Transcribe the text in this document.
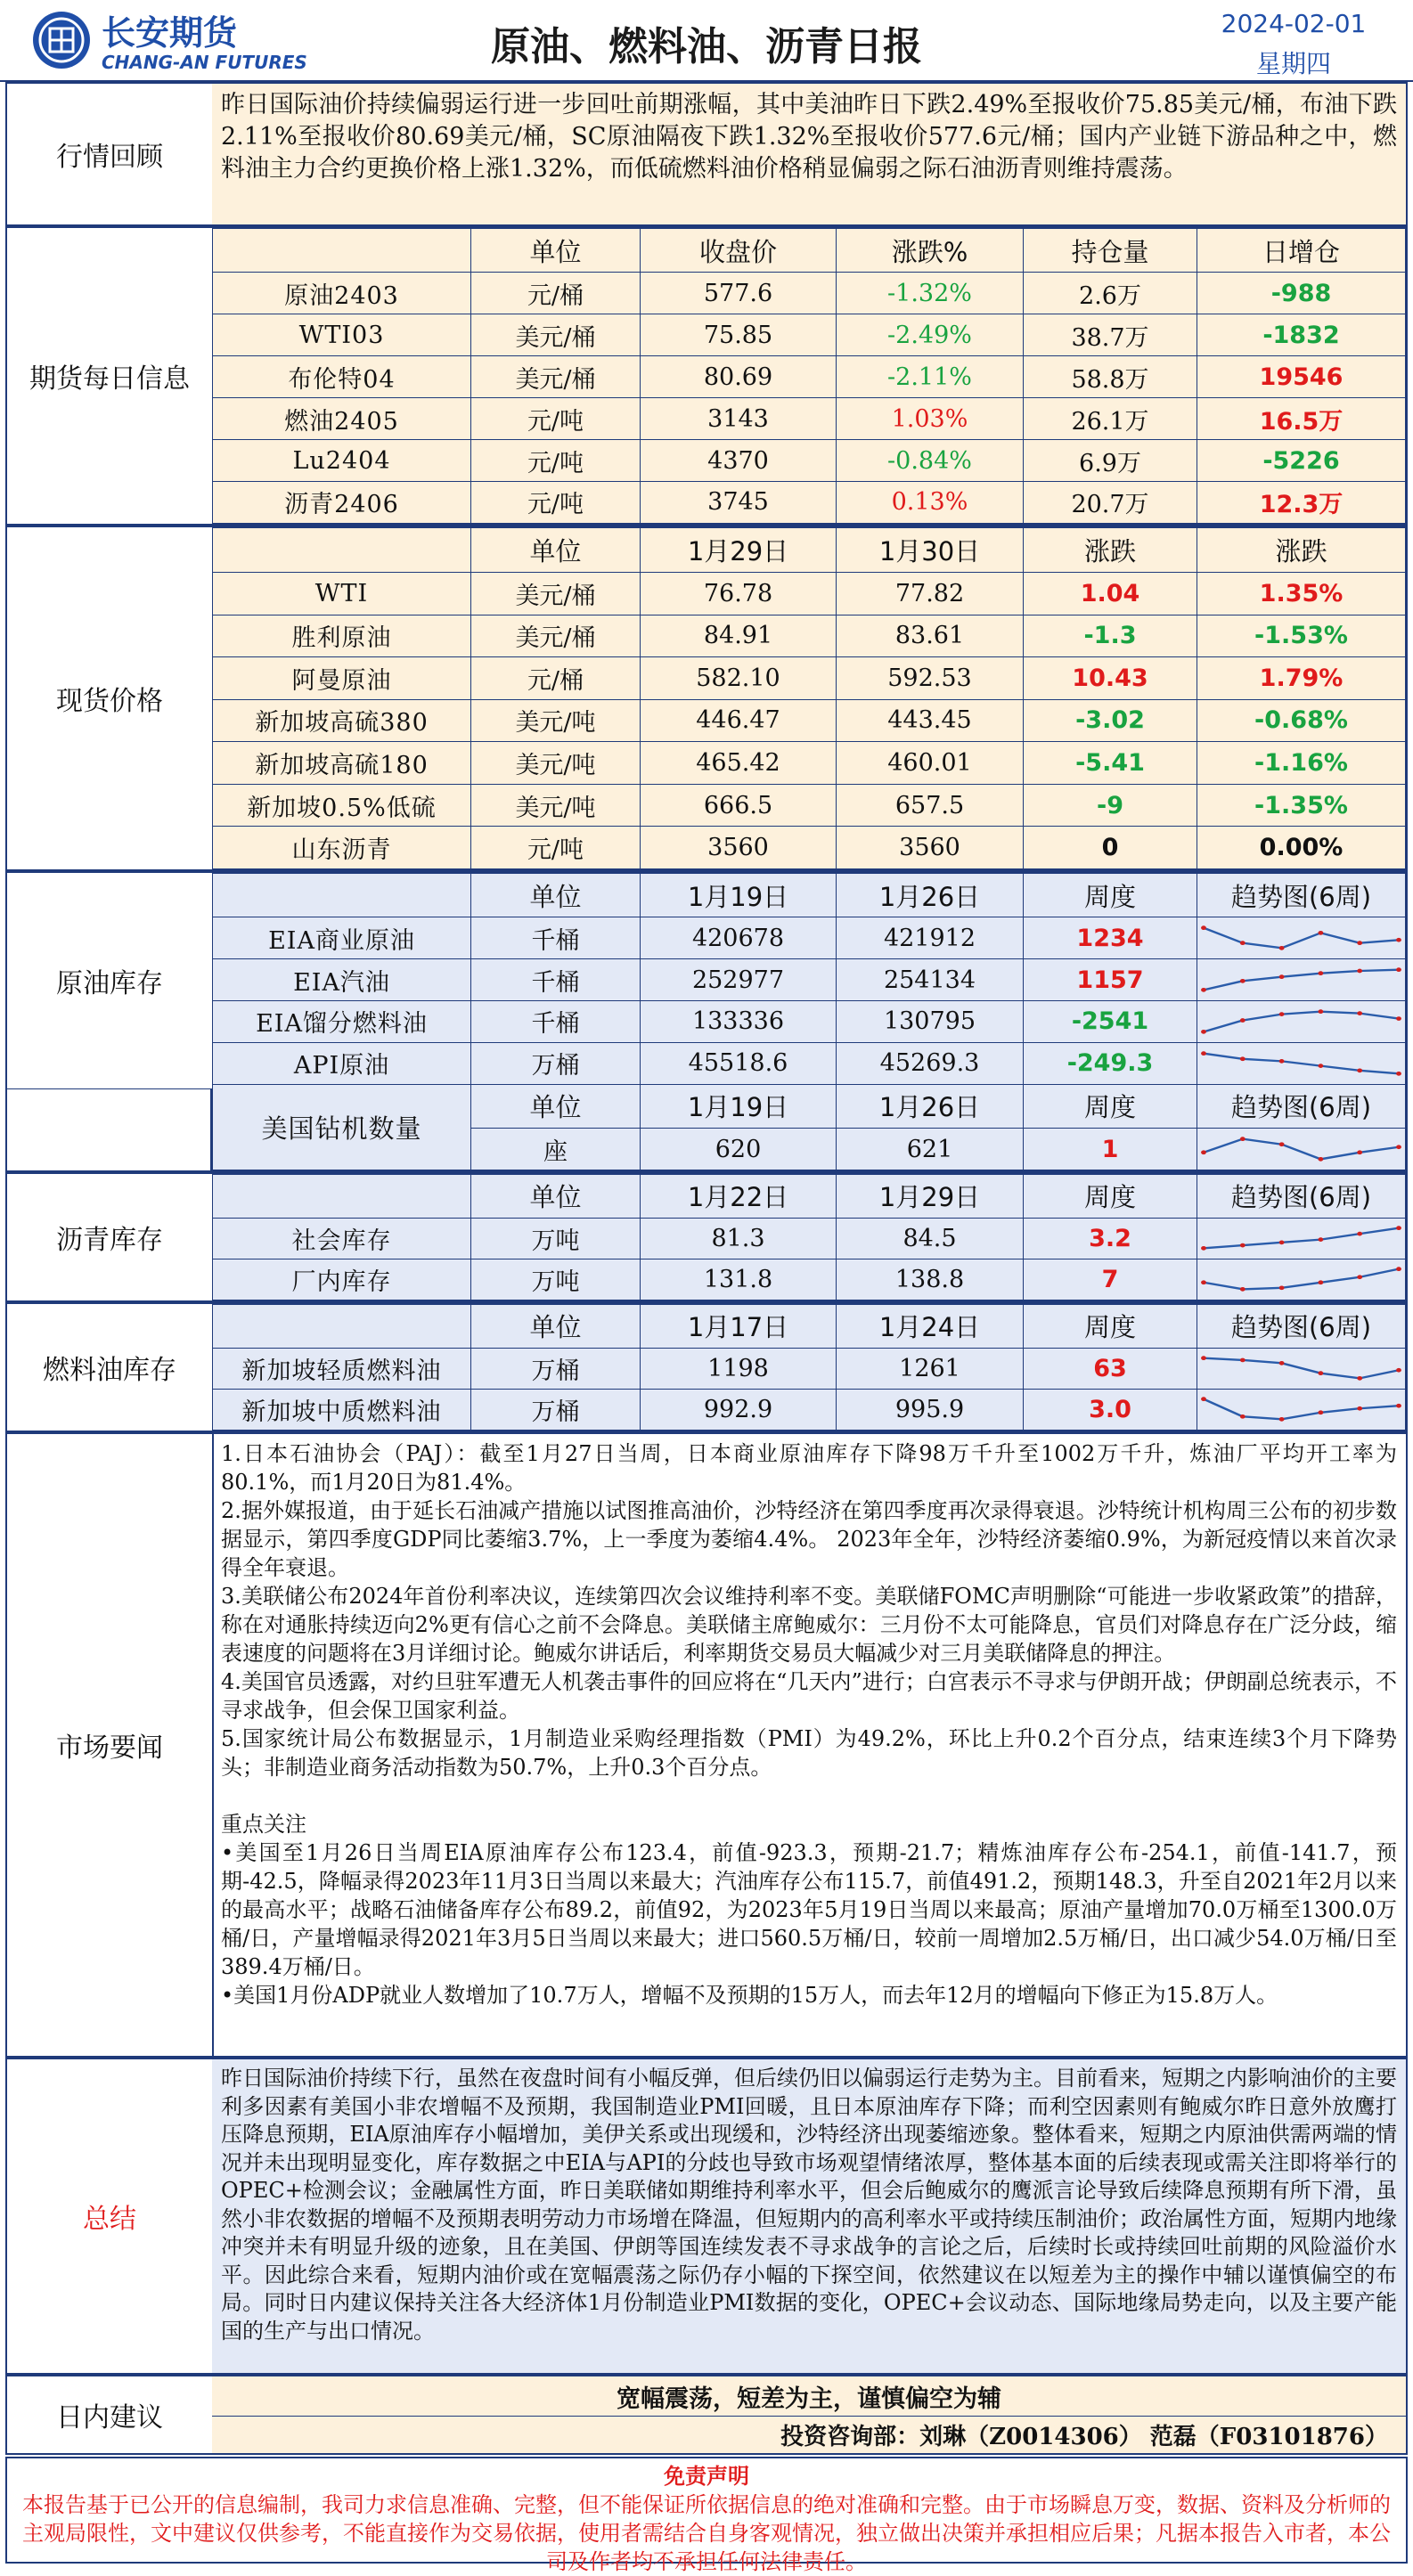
长安期货
CHANG-AN FUTURES	原油、燃料油、沥青日报
2024-02-01
星期四
行情回顾
昨日国际油价持续偏弱运行进一步回吐前期涨幅，其中美油昨日下跌2.49%至报收价75.85美元/桶，布油下跌2.11%至报收价80.69美元/桶，SC原油隔夜下跌1.32%至报收价577.6元/桶；国内产业链下游品种之中，燃料油主力合约更换价格上涨1.32%，而低硫燃料油价格稍显偏弱之际石油沥青则维持震荡。
期货每日信息
	单位	收盘价	涨跌%	持仓量	日增仓
原油2403	元/桶	577.6	-1.32%	2.6万	-988
WTI03	美元/桶	75.85	-2.49%	38.7万	-1832
布伦特04	美元/桶	80.69	-2.11%	58.8万	19546
燃油2405	元/吨	3143	1.03%	26.1万	16.5万
Lu2404	元/吨	4370	-0.84%	6.9万	-5226
沥青2406	元/吨	3745	0.13%	20.7万	12.3万
现货价格
	单位	1月29日	1月30日	涨跌	涨跌
WTI	美元/桶	76.78	77.82	1.04	1.35%
胜利原油	美元/桶	84.91	83.61	-1.3	-1.53%
阿曼原油	元/桶	582.10	592.53	10.43	1.79%
新加坡高硫380	美元/吨	446.47	443.45	-3.02	-0.68%
新加坡高硫180	美元/吨	465.42	460.01	-5.41	-1.16%
新加坡0.5%低硫	美元/吨	666.5	657.5	-9	-1.35%
山东沥青	元/吨	3560	3560	0	0.00%
原油库存
	单位	1月19日	1月26日	周度	趋势图(6周)
EIA商业原油	千桶	420678	421912	1234	

EIA汽油	千桶	252977	254134	1157	

EIA馏分燃料油	千桶	133336	130795	-2541	

API原油	万桶	45518.6	45269.3	-249.3	

美国钻机数量	单位	1月19日	1月26日	周度	趋势图(6周)
	座	620	621	1	
沥青库存
	单位	1月22日	1月29日	周度	趋势图(6周)
社会库存	万吨	81.3	84.5	3.2	

厂内库存	万吨	131.8	138.8	7	
燃料油库存
	单位	1月17日	1月24日	周度	趋势图(6周)
新加坡轻质燃料油	万桶	1198	1261	63	

新加坡中质燃料油	万桶	992.9	995.9	3.0	
市场要闻

1.日本石油协会（PAJ）：截至1月27日当周，日本商业原油库存下降98万千升至1002万千升，炼油厂平均开工率为80.1%，而1月20日为81.4%。

2.据外媒报道，由于延长石油减产措施以试图推高油价，沙特经济在第四季度再次录得衰退。沙特统计机构周三公布的初步数据显示，第四季度GDP同比萎缩3.7%，上一季度为萎缩4.4%。 2023年全年，沙特经济萎缩0.9%，为新冠疫情以来首次录得全年衰退。

3.美联储公布2024年首份利率决议，连续第四次会议维持利率不变。美联储FOMC声明删除“可能进一步收紧政策”的措辞，称在对通胀持续迈向2%更有信心之前不会降息。美联储主席鲍威尔：三月份不太可能降息，官员们对降息存在广泛分歧，缩表速度的问题将在3月详细讨论。鲍威尔讲话后，利率期货交易员大幅减少对三月美联储降息的押注。

4.美国官员透露，对约旦驻军遭无人机袭击事件的回应将在“几天内”进行；白宫表示不寻求与伊朗开战；伊朗副总统表示，不寻求战争，但会保卫国家利益。

5.国家统计局公布数据显示，1月制造业采购经理指数（PMI）为49.2%，环比上升0.2个百分点，结束连续3个月下降势头；非制造业商务活动指数为50.7%，上升0.3个百分点。

重点关注

•美国至1月26日当周EIA原油库存公布123.4，前值-923.3，预期-21.7；精炼油库存公布-254.1，前值-141.7，预期-42.5，降幅录得2023年11月3日当周以来最大；汽油库存公布115.7，前值491.2，预期148.3，升至自2021年2月以来的最高水平；战略石油储备库存公布89.2，前值92，为2023年5月19日当周以来最高；原油产量增加70.0万桶至1300.0万桶/日，产量增幅录得2021年3月5日当周以来最大；进口560.5万桶/日，较前一周增加2.5万桶/日，出口减少54.0万桶/日至389.4万桶/日。

•美国1月份ADP就业人数增加了10.7万人，增幅不及预期的15万人，而去年12月的增幅向下修正为15.8万人。

总结
昨日国际油价持续下行，虽然在夜盘时间有小幅反弹，但后续仍旧以偏弱运行走势为主。目前看来，短期之内影响油价的主要利多因素有美国小非农增幅不及预期，我国制造业PMI回暖，且日本原油库存下降；而利空因素则有鲍威尔昨日意外放鹰打压降息预期，EIA原油库存小幅增加，美伊关系或出现缓和，沙特经济出现萎缩迹象。整体看来，短期之内原油供需两端的情况并未出现明显变化，库存数据之中EIA与API的分歧也导致市场观望情绪浓厚，整体基本面的后续表现或需关注即将举行的OPEC+检测会议；金融属性方面，昨日美联储如期维持利率水平，但会后鲍威尔的鹰派言论导致后续降息预期有所下滑，虽然小非农数据的增幅不及预期表明劳动力市场增在降温，但短期内的高利率水平或持续压制油价；政治属性方面，短期内地缘冲突并未有明显升级的迹象，且在美国、伊朗等国连续发表不寻求战争的言论之后，后续时长或持续回吐前期的风险溢价水平。因此综合来看，短期内油价或在宽幅震荡之际仍存小幅的下探空间，依然建议在以短差为主的操作中辅以谨慎偏空的布局。同时日内建议保持关注各大经济体1月份制造业PMI数据的变化，OPEC+会议动态、国际地缘局势走向，以及主要产能国的生产与出口情况。
日内建议
宽幅震荡，短差为主，谨慎偏空为辅
投资咨询部：刘琳（Z0014306） 范磊（F03101876）
免责声明
本报告基于已公开的信息编制，我司力求信息准确、完整，但不能保证所依据信息的绝对准确和完整。由于市场瞬息万变，数据、资料及分析师的主观局限性，文中建议仅供参考，不能直接作为交易依据，使用者需结合自身客观情况，独立做出决策并承担相应后果；凡据本报告入市者，本公司及作者均不承担任何法律责任。
